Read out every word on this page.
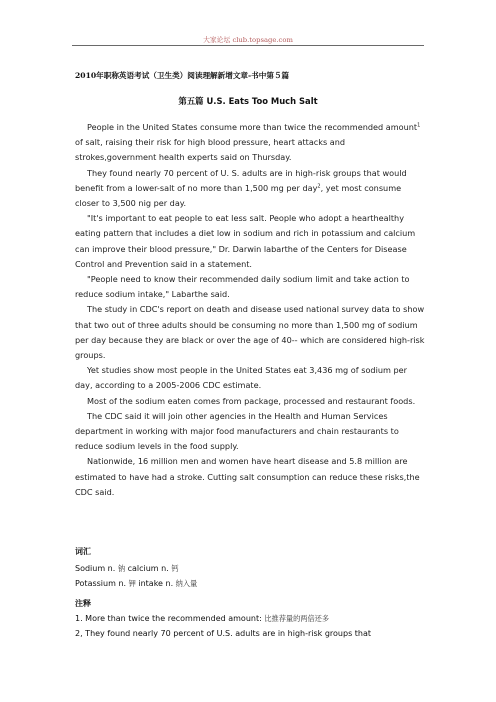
大家论坛 club.topsage.com
2010年职称英语考试（卫生类）阅读理解新增文章-书中第５篇
第五篇 U.S. Eats Too Much Salt

People in the United States consume more than twice the recommended amount$^1$ of salt, raising their risk for high blood pressure, heart attacks and strokes,government health experts said on Thursday.

They found nearly 70 percent of U. S. adults are in high-risk groups that would benefit from a lower-salt of no more than 1,500 mg per day$^2$, yet most consume closer to 3,500 nig per day.

"It's important to eat people to eat less salt. People who adopt a hearthealthy eating pattern that includes a diet low in sodium and rich in potassium and calcium can improve their blood pressure," Dr. Darwin labarthe of the Centers for Disease Control and Prevention said in a statement.

"People need to know their recommended daily sodium limit and take action to reduce sodium intake," Labarthe said.

The study in CDC's report on death and disease used national survey data to show that two out of three adults should be consuming no more than 1,500 mg of sodium per day because they are black or over the age of 40-- which are considered high-risk groups.

Yet studies show most people in the United States eat 3,436 mg of sodium per day, according to a 2005-2006 CDC estimate.

Most of the sodium eaten comes from package, processed and restaurant foods.

The CDC said it will join other agencies in the Health and Human Services department in working with major food manufacturers and chain restaurants to reduce sodium levels in the food supply.

Nationwide, 16 million men and women have heart disease and 5.8 million are estimated to have had a stroke. Cutting salt consumption can reduce these risks,the CDC said.

词汇
Sodium n. 钠 calcium n. 钙
Potassium n. 钾 intake n. 纳入量
注释
1. More than twice the recommended amount: 比推荐量的两倍还多
2, They found nearly 70 percent of U.S. adults are in high-risk groups that
